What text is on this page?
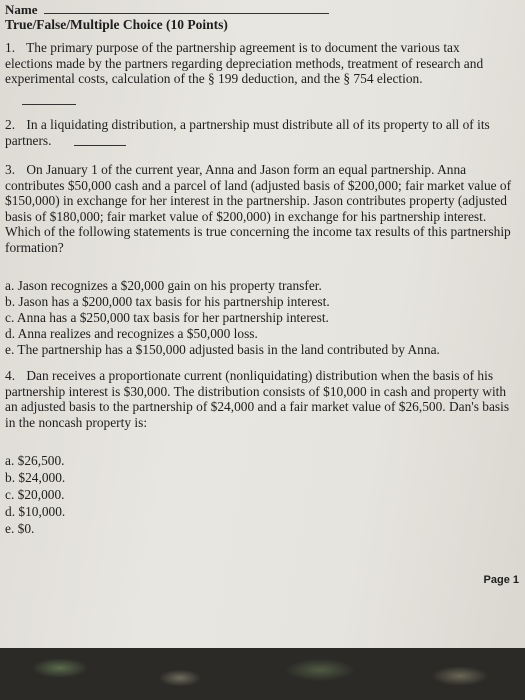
Name
True/False/Multiple Choice (10 Points)
1. The primary purpose of the partnership agreement is to document the various tax elections made by the partners regarding depreciation methods, treatment of research and experimental costs, calculation of the § 199 deduction, and the § 754 election.
2. In a liquidating distribution, a partnership must distribute all of its property to all of its partners.
3. On January 1 of the current year, Anna and Jason form an equal partnership. Anna contributes $50,000 cash and a parcel of land (adjusted basis of $200,000; fair market value of $150,000) in exchange for her interest in the partnership. Jason contributes property (adjusted basis of $180,000; fair market value of $200,000) in exchange for his partnership interest. Which of the following statements is true concerning the income tax results of this partnership formation?
a. Jason recognizes a $20,000 gain on his property transfer.
b. Jason has a $200,000 tax basis for his partnership interest.
c. Anna has a $250,000 tax basis for her partnership interest.
d. Anna realizes and recognizes a $50,000 loss.
e. The partnership has a $150,000 adjusted basis in the land contributed by Anna.
4. Dan receives a proportionate current (nonliquidating) distribution when the basis of his partnership interest is $30,000. The distribution consists of $10,000 in cash and property with an adjusted basis to the partnership of $24,000 and a fair market value of $26,500. Dan's basis in the noncash property is:
a. $26,500.
b. $24,000.
c. $20,000.
d. $10,000.
e. $0.
Page 1
